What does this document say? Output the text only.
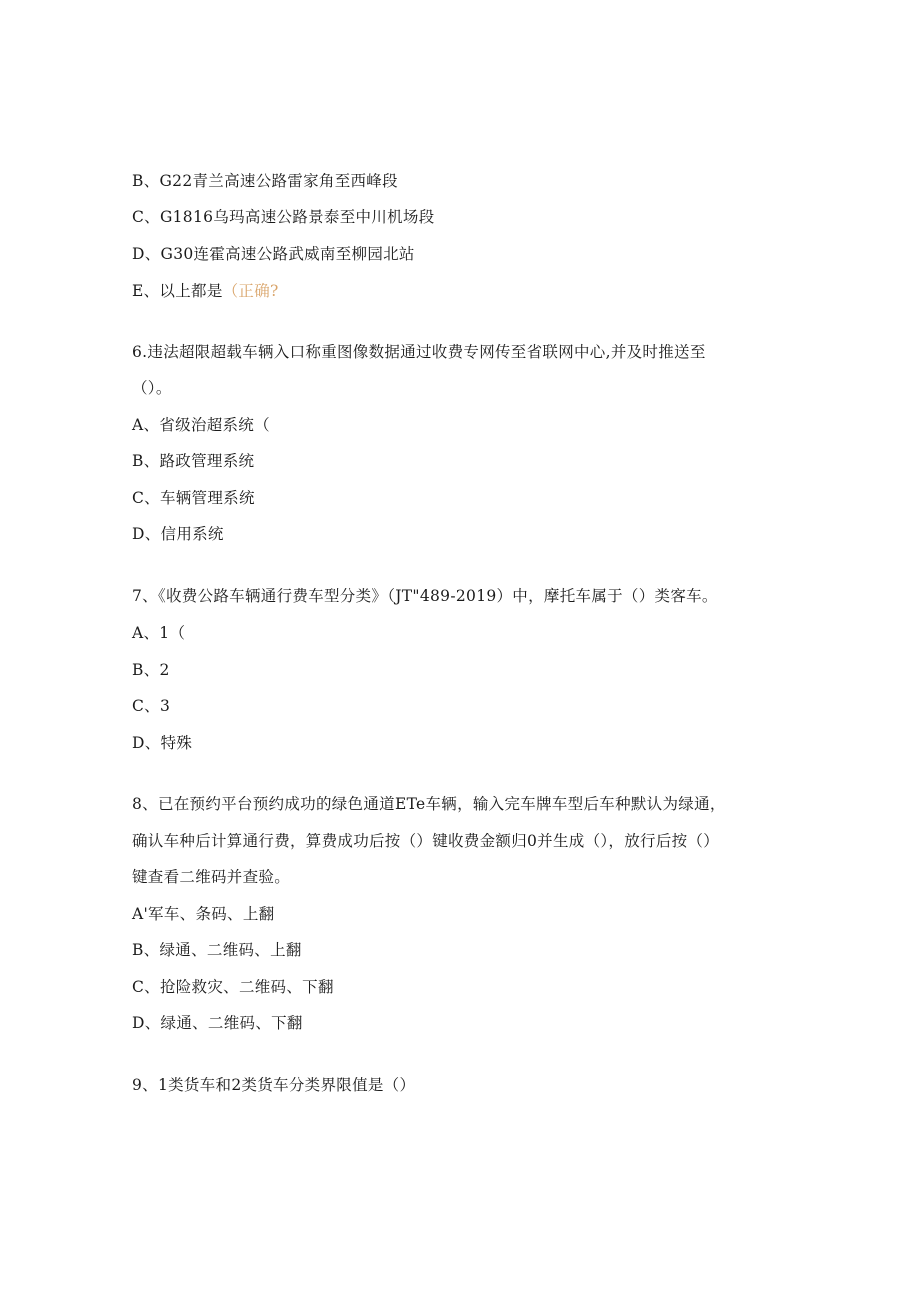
B、G22青兰高速公路雷家角至西峰段
C、G1816乌玛高速公路景泰至中川机场段
D、G30连霍高速公路武威南至柳园北站
E、以上都是（正确?
6.违法超限超载车辆入口称重图像数据通过收费专网传至省联网中心,并及时推送至
（）。
A、省级治超系统（
B、路政管理系统
C、车辆管理系统
D、信用系统
7、《收费公路车辆通行费车型分类》（JT"489-2019）中，摩托车属于（）类客车。
A、1（
B、2
C、3
D、特殊
8、已在预约平台预约成功的绿色通道ETe车辆，输入完车牌车型后车种默认为绿通，
确认车种后计算通行费，算费成功后按（）键收费金额归0并生成（），放行后按（）
键查看二维码并查验。
A'军车、条码、上翻
B、绿通、二维码、上翻
C、抢险救灾、二维码、下翻
D、绿通、二维码、下翻
9、1类货车和2类货车分类界限值是（）
